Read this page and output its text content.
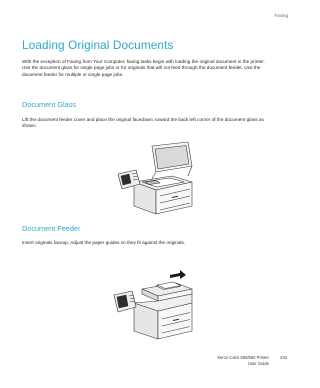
Faxing
Loading Original Documents

With the exception of Faxing from Your Computer, faxing tasks begin with loading the original document in the printer. Use the document glass for single page jobs or for originals that will not feed through the document feeder. Use the document feeder for multiple or single page jobs.

Document Glass

Lift the document feeder cover and place the original facedown, toward the back left corner of the document glass as shown.

Document Feeder

Insert originals faceup. Adjust the paper guides so they fit against the originals.

Xerox Color 550/560 Printer
User Guide
233
